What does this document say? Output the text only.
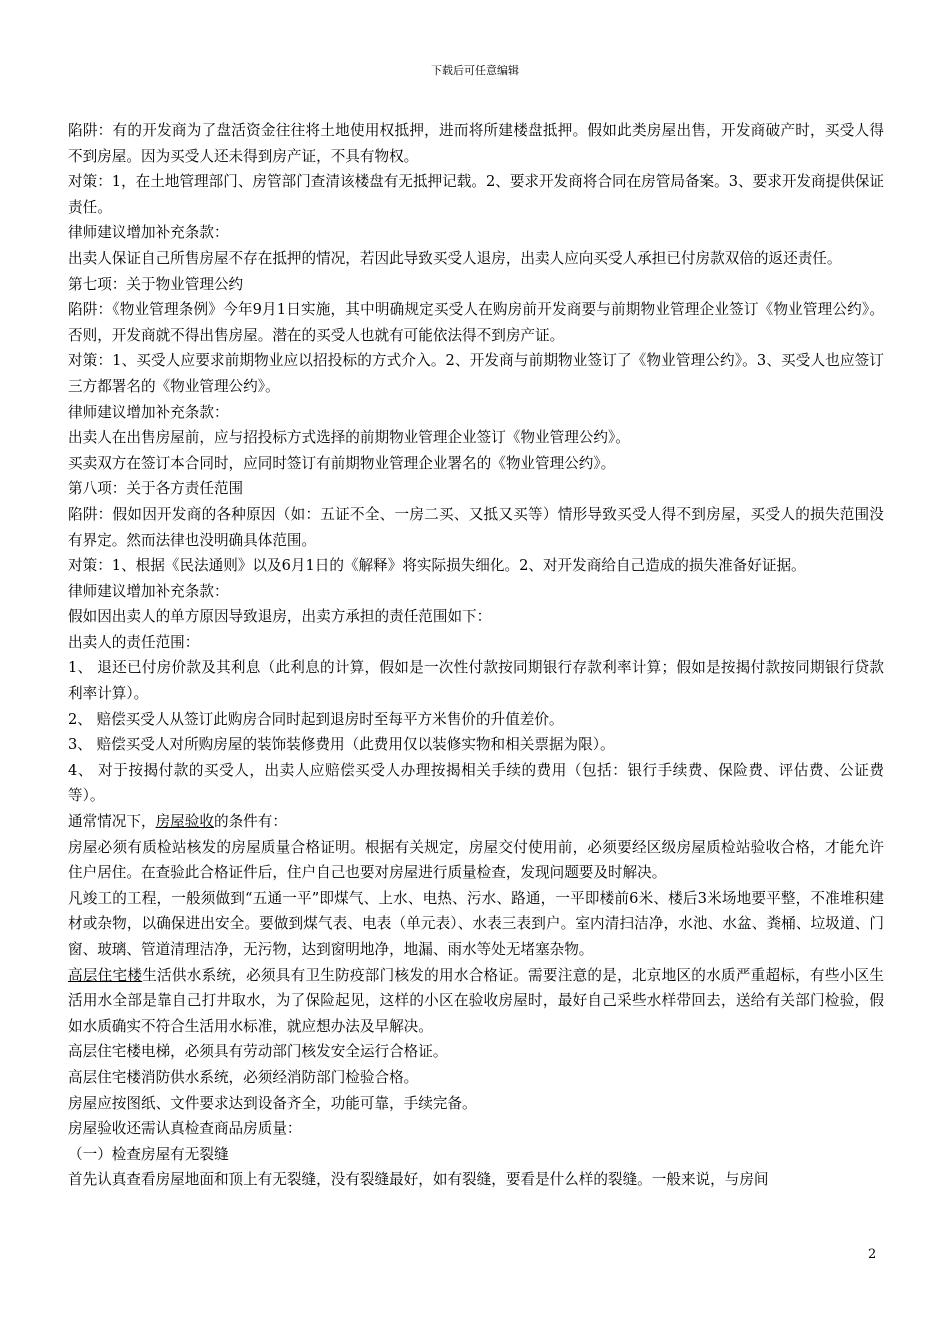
下载后可任意编辑

陷阱：有的开发商为了盘活资金往往将土地使用权抵押，进而将所建楼盘抵押。假如此类房屋出售，开发商破产时，买受人得不到房屋。因为买受人还未得到房产证，不具有物权。

对策：1，在土地管理部门、房管部门查清该楼盘有无抵押记载。2、要求开发商将合同在房管局备案。3、要求开发商提供保证责任。

律师建议增加补充条款：

出卖人保证自己所售房屋不存在抵押的情况，若因此导致买受人退房，出卖人应向买受人承担已付房款双倍的返还责任。

第七项：关于物业管理公约

陷阱：《物业管理条例》今年9月1日实施，其中明确规定买受人在购房前开发商要与前期物业管理企业签订《物业管理公约》。否则，开发商就不得出售房屋。潜在的买受人也就有可能依法得不到房产证。

对策：1、买受人应要求前期物业应以招投标的方式介入。2、开发商与前期物业签订了《物业管理公约》。3、买受人也应签订三方都署名的《物业管理公约》。

律师建议增加补充条款：

出卖人在出售房屋前，应与招投标方式选择的前期物业管理企业签订《物业管理公约》。

买卖双方在签订本合同时，应同时签订有前期物业管理企业署名的《物业管理公约》。

第八项：关于各方责任范围

陷阱：假如因开发商的各种原因（如：五证不全、一房二买、又抵又买等）情形导致买受人得不到房屋，买受人的损失范围没有界定。然而法律也没明确具体范围。

对策：1、根据《民法通则》以及6月1日的《解释》将实际损失细化。2、对开发商给自己造成的损失准备好证据。

律师建议增加补充条款：

假如因出卖人的单方原因导致退房，出卖方承担的责任范围如下：

出卖人的责任范围：

1、 退还已付房价款及其利息（此利息的计算，假如是一次性付款按同期银行存款利率计算；假如是按揭付款按同期银行贷款利率计算）。

2、 赔偿买受人从签订此购房合同时起到退房时至每平方米售价的升值差价。

3、 赔偿买受人对所购房屋的装饰装修费用（此费用仅以装修实物和相关票据为限）。

4、 对于按揭付款的买受人，出卖人应赔偿买受人办理按揭相关手续的费用（包括：银行手续费、保险费、评估费、公证费等）。

通常情况下，房屋验收的条件有：

房屋必须有质检站核发的房屋质量合格证明。根据有关规定，房屋交付使用前，必须要经区级房屋质检站验收合格，才能允许住户居住。在查验此合格证件后，住户自己也要对房屋进行质量检查，发现问题要及时解决。

凡竣工的工程，一般须做到“五通一平”即煤气、上水、电热、污水、路通，一平即楼前6米、楼后3米场地要平整，不准堆积建材或杂物，以确保进出安全。要做到煤气表、电表（单元表）、水表三表到户。室内清扫洁净，水池、水盆、粪桶、垃圾道、门窗、玻璃、管道清理洁净，无污物，达到窗明地净，地漏、雨水等处无堵塞杂物。

高层住宅楼生活供水系统，必须具有卫生防疫部门核发的用水合格证。需要注意的是，北京地区的水质严重超标，有些小区生活用水全部是靠自己打井取水，为了保险起见，这样的小区在验收房屋时，最好自己采些水样带回去，送给有关部门检验，假如水质确实不符合生活用水标准，就应想办法及早解决。

高层住宅楼电梯，必须具有劳动部门核发安全运行合格证。

高层住宅楼消防供水系统，必须经消防部门检验合格。

房屋应按图纸、文件要求达到设备齐全，功能可靠，手续完备。

房屋验收还需认真检查商品房质量：

（一）检查房屋有无裂缝

首先认真查看房屋地面和顶上有无裂缝，没有裂缝最好，如有裂缝，要看是什么样的裂缝。一般来说，与房间

2
